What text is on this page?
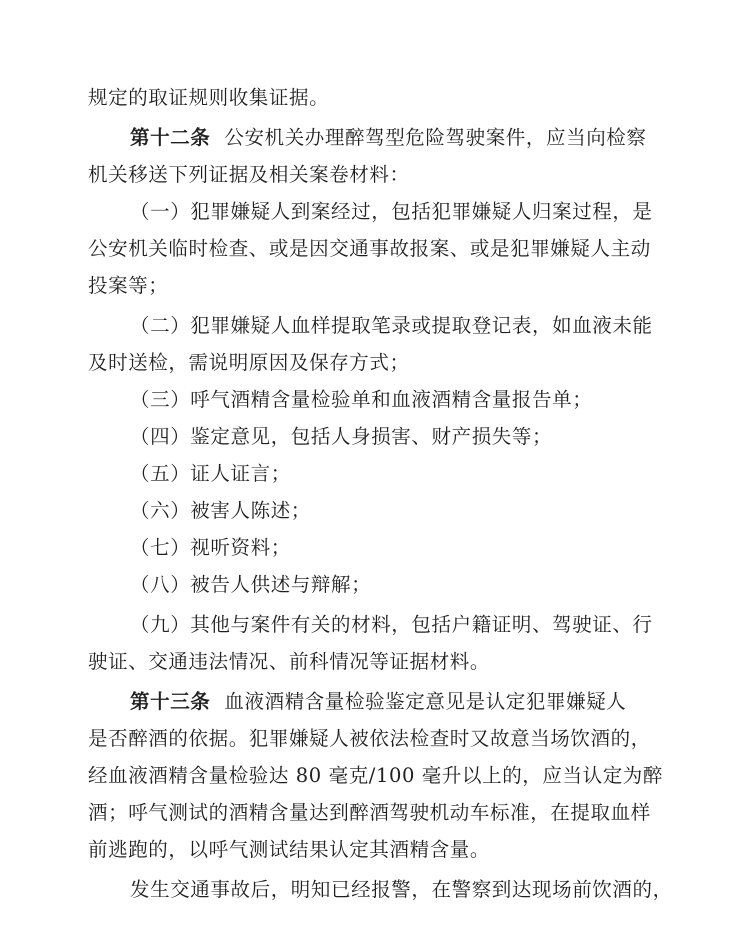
规定的取证规则收集证据。
第十二条 公安机关办理醉驾型危险驾驶案件，应当向检察
机关移送下列证据及相关案卷材料：
（一）犯罪嫌疑人到案经过，包括犯罪嫌疑人归案过程，是
公安机关临时检查、或是因交通事故报案、或是犯罪嫌疑人主动
投案等；
（二）犯罪嫌疑人血样提取笔录或提取登记表，如血液未能
及时送检，需说明原因及保存方式；
（三）呼气酒精含量检验单和血液酒精含量报告单；
（四）鉴定意见，包括人身损害、财产损失等；
（五）证人证言；
（六）被害人陈述；
（七）视听资料；
（八）被告人供述与辩解；
（九）其他与案件有关的材料，包括户籍证明、驾驶证、行
驶证、交通违法情况、前科情况等证据材料。
第十三条 血液酒精含量检验鉴定意见是认定犯罪嫌疑人
是否醉酒的依据。犯罪嫌疑人被依法检查时又故意当场饮酒的，
经血液酒精含量检验达 80 毫克/100 毫升以上的，应当认定为醉
酒；呼气测试的酒精含量达到醉酒驾驶机动车标准，在提取血样
前逃跑的，以呼气测试结果认定其酒精含量。
发生交通事故后，明知已经报警，在警察到达现场前饮酒的，
